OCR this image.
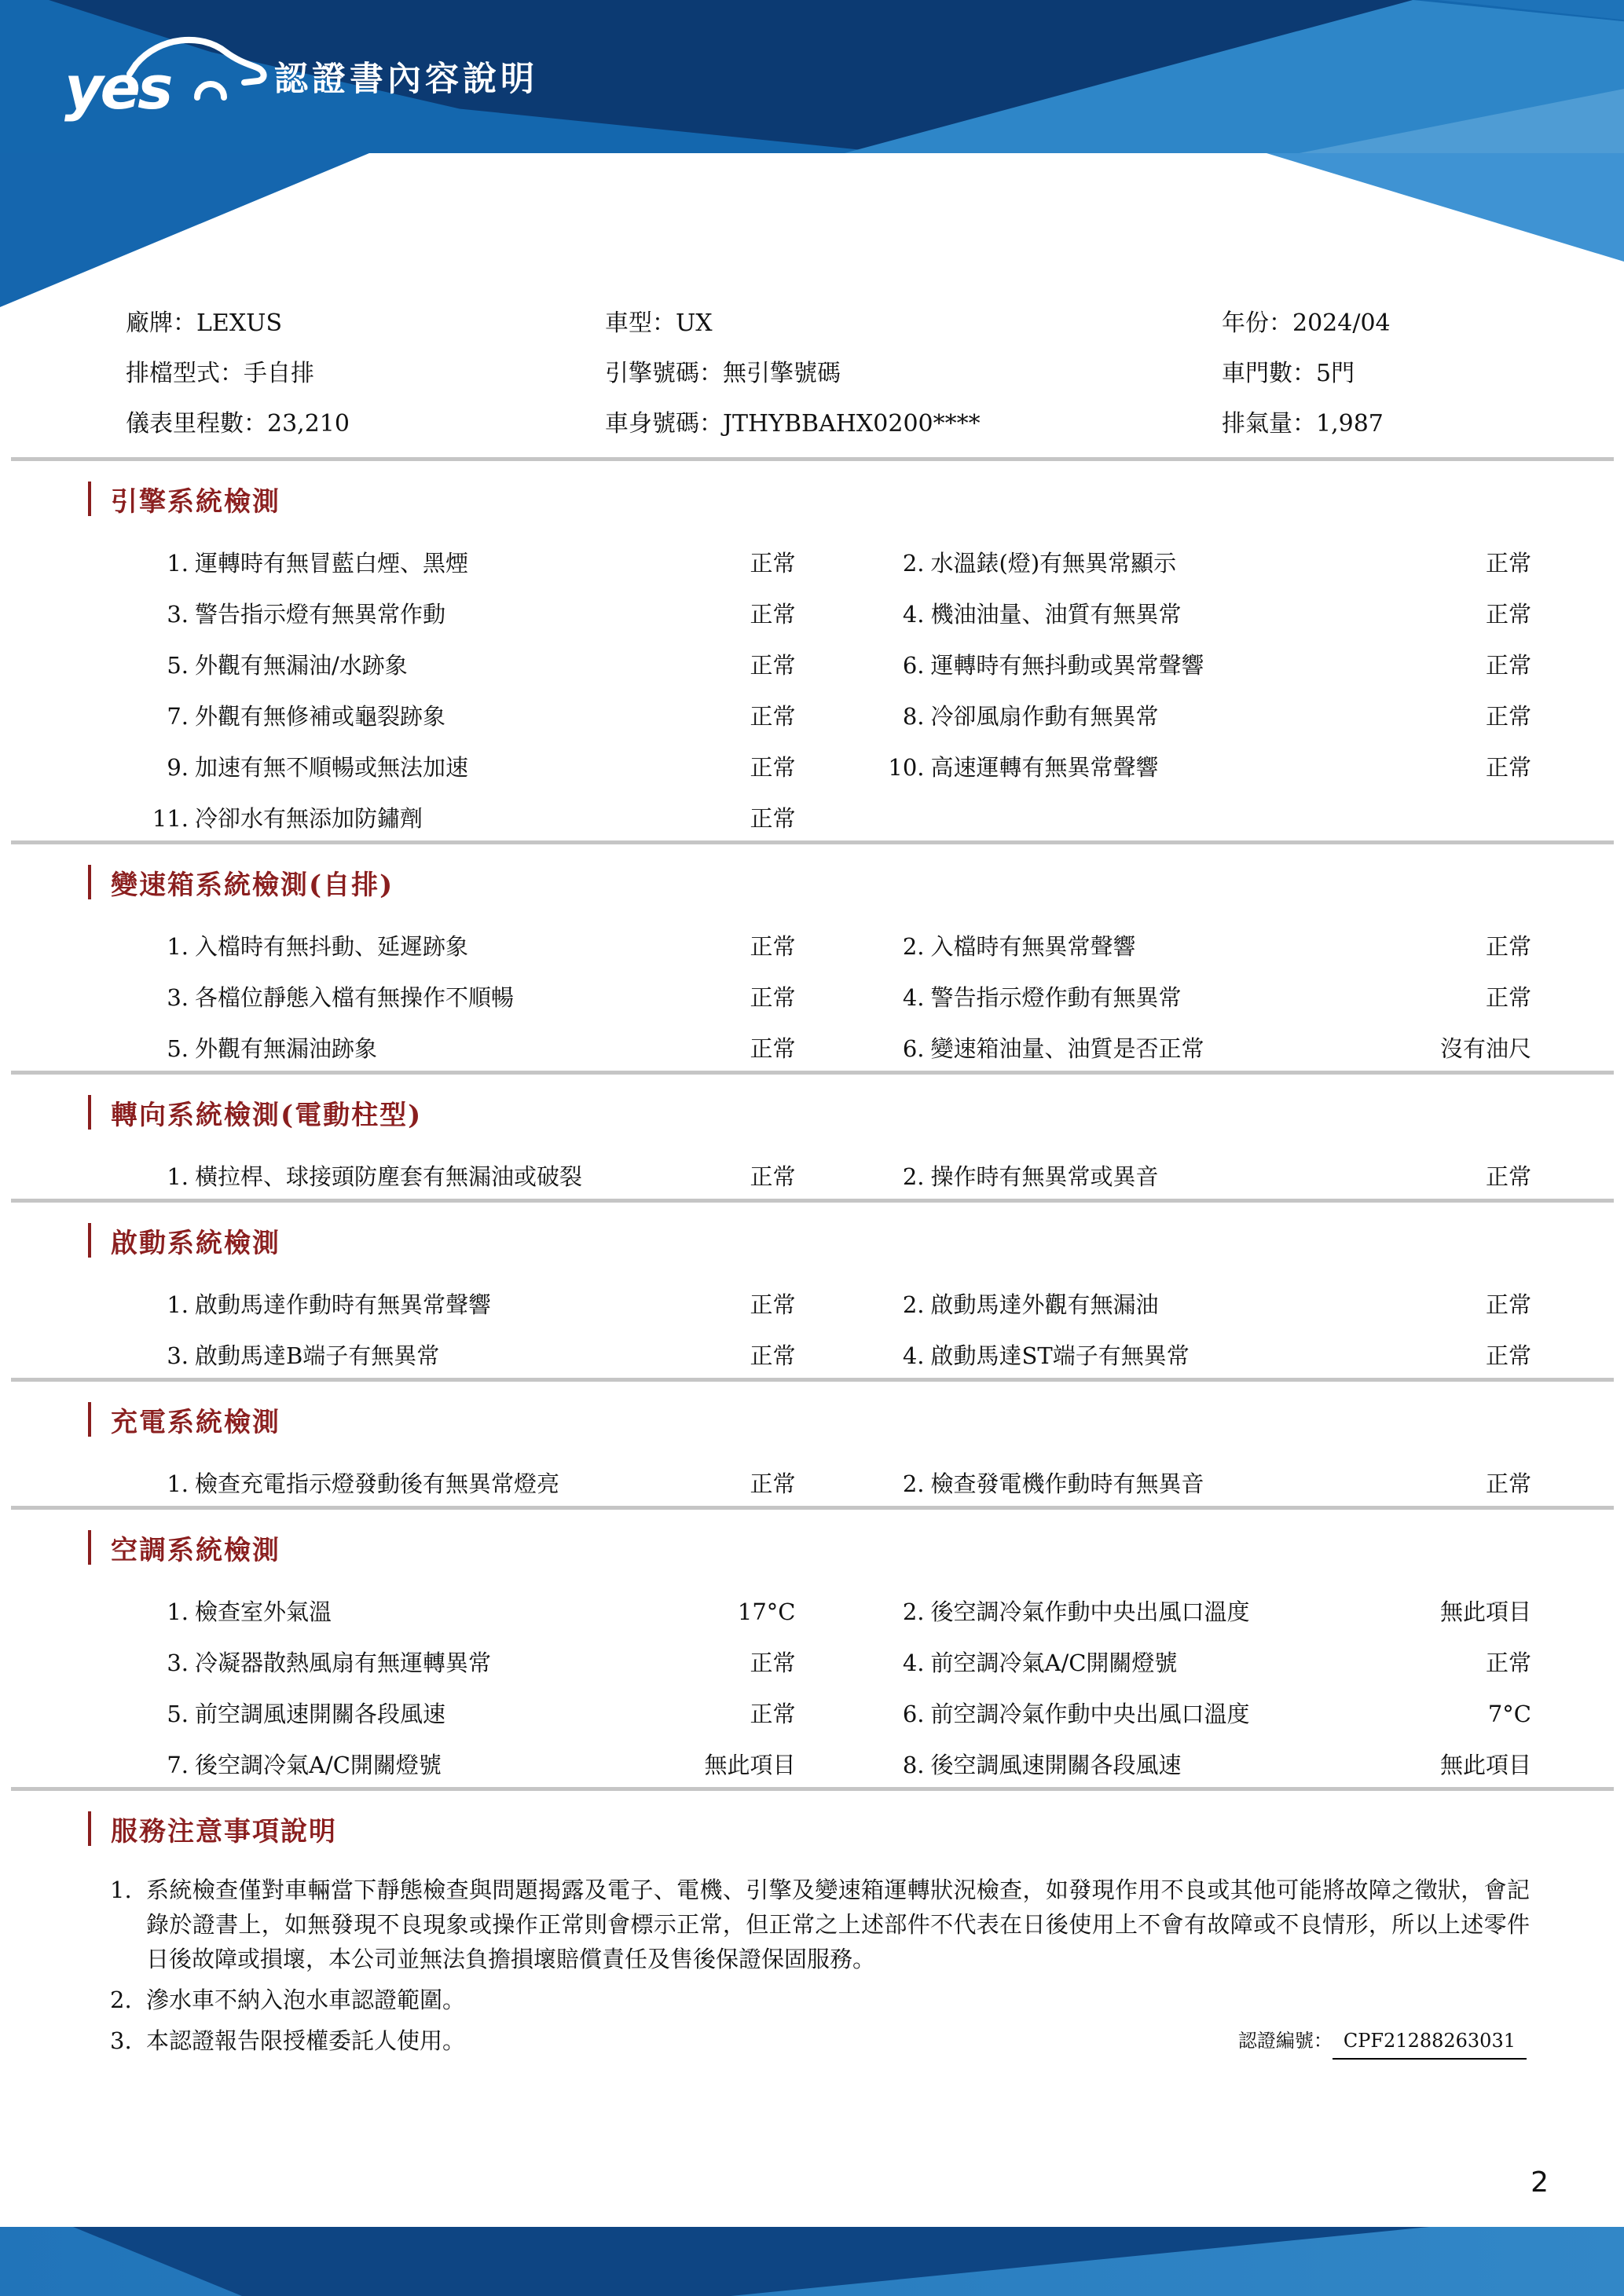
yes	認證書內容說明
廠牌：LEXUS	車型：UX	年份：2024/04
排檔型式：手自排	引擎號碼：無引擎號碼	車門數：5門
儀表里程數：23,210	車身號碼：JTHYBBAHX0200****	排氣量：1,987
引擎系統檢測
1. 運轉時有無冒藍白煙、黑煙	正常	2. 水溫錶(燈)有無異常顯示	正常
3. 警告指示燈有無異常作動	正常	4. 機油油量、油質有無異常	正常
5. 外觀有無漏油/水跡象	正常	6. 運轉時有無抖動或異常聲響	正常
7. 外觀有無修補或龜裂跡象	正常	8. 冷卻風扇作動有無異常	正常
9. 加速有無不順暢或無法加速	正常	10. 高速運轉有無異常聲響	正常
11. 冷卻水有無添加防鏽劑	正常
變速箱系統檢測(自排)
1. 入檔時有無抖動、延遲跡象	正常	2. 入檔時有無異常聲響	正常
3. 各檔位靜態入檔有無操作不順暢	正常	4. 警告指示燈作動有無異常	正常
5. 外觀有無漏油跡象	正常	6. 變速箱油量、油質是否正常	沒有油尺
轉向系統檢測(電動柱型)
1. 橫拉桿、球接頭防塵套有無漏油或破裂	正常	2. 操作時有無異常或異音	正常
啟動系統檢測
1. 啟動馬達作動時有無異常聲響	正常	2. 啟動馬達外觀有無漏油	正常
3. 啟動馬達B端子有無異常	正常	4. 啟動馬達ST端子有無異常	正常
充電系統檢測
1. 檢查充電指示燈發動後有無異常燈亮	正常	2. 檢查發電機作動時有無異音	正常
空調系統檢測
1. 檢查室外氣溫	17°C	2. 後空調冷氣作動中央出風口溫度	無此項目
3. 冷凝器散熱風扇有無運轉異常	正常	4. 前空調冷氣A/C開關燈號	正常
5. 前空調風速開關各段風速	正常	6. 前空調冷氣作動中央出風口溫度	7°C
7. 後空調冷氣A/C開關燈號	無此項目	8. 後空調風速開關各段風速	無此項目
服務注意事項說明
1. 系統檢查僅對車輛當下靜態檢查與問題揭露及電子、電機、引擎及變速箱運轉狀況檢查，如發現作用不良或其他可能將故障之徵狀，會記錄於證書上，如無發現不良現象或操作正常則會標示正常，但正常之上述部件不代表在日後使用上不會有故障或不良情形，所以上述零件日後故障或損壞，本公司並無法負擔損壞賠償責任及售後保證保固服務。
2. 滲水車不納入泡水車認證範圍。
3. 本認證報告限授權委託人使用。	認證編號： CPF21288263031
2
